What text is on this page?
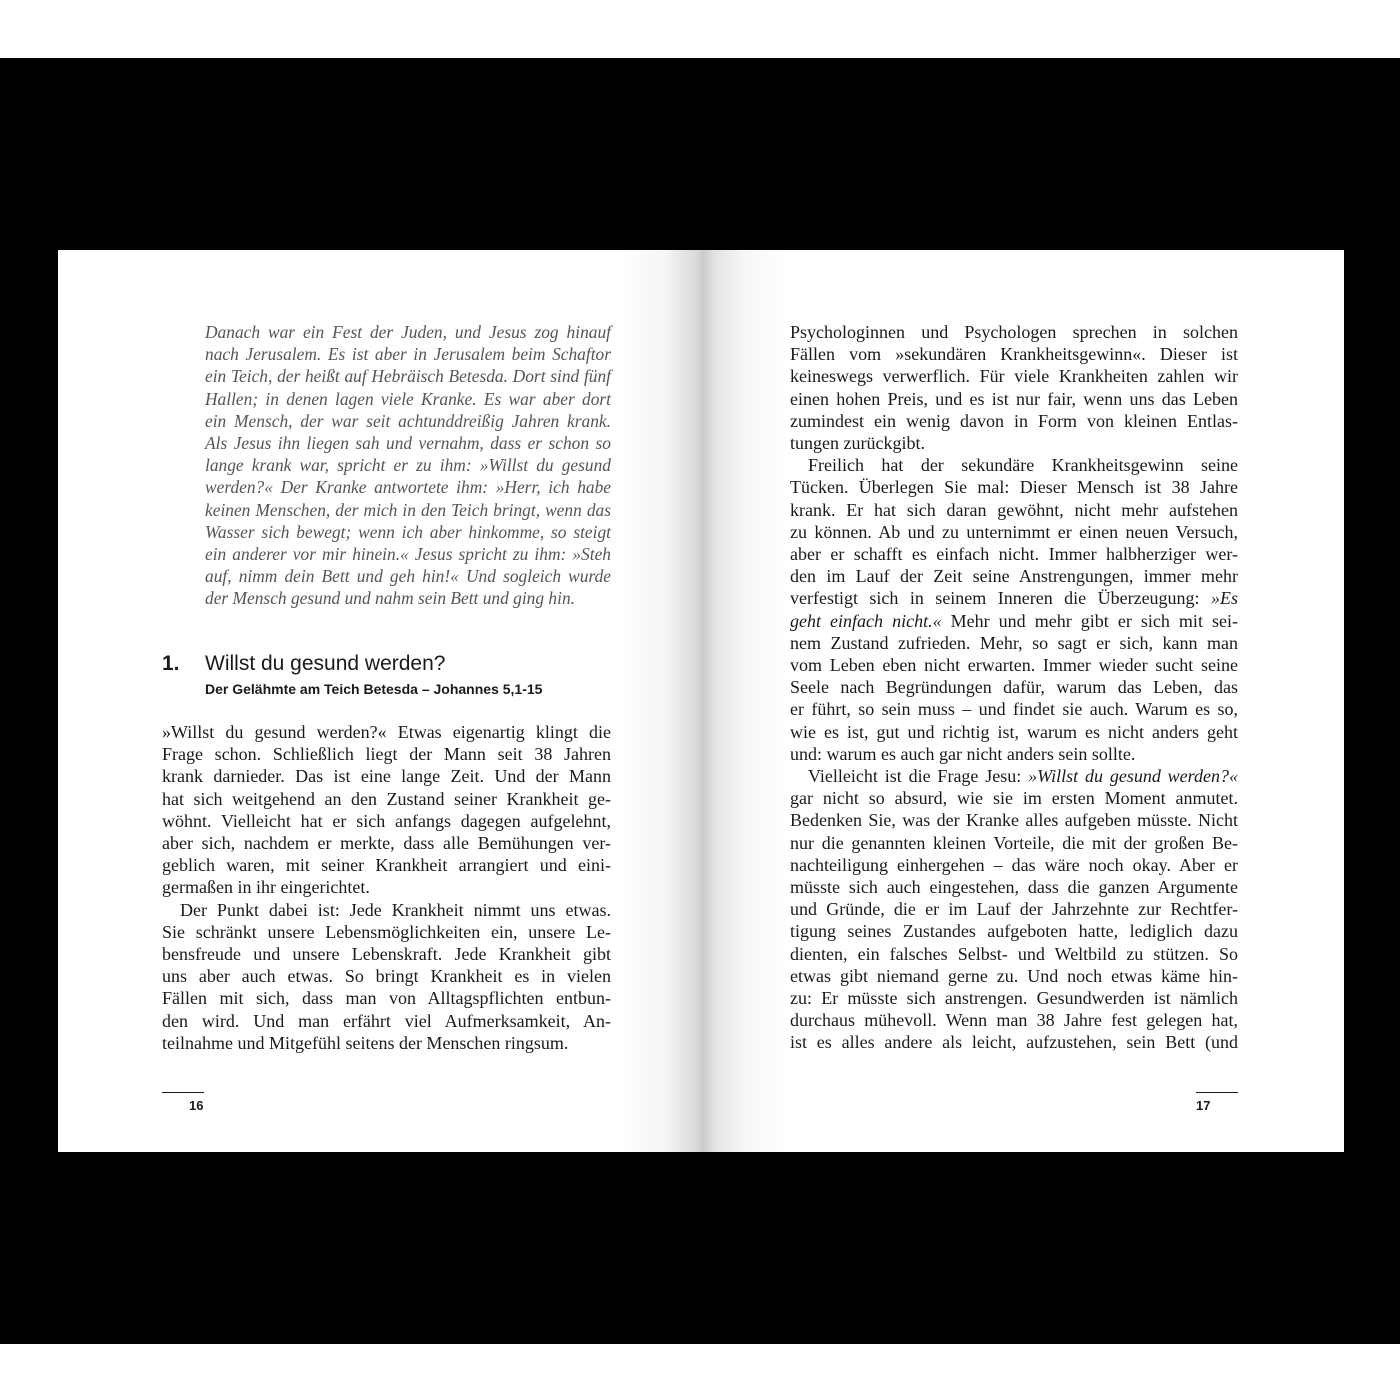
Danach war ein Fest der Juden, und Jesus zog hinauf

nach Jerusalem. Es ist aber in Jerusalem beim Schaftor

ein Teich, der heißt auf Hebräisch Betesda. Dort sind fünf

Hallen; in denen lagen viele Kranke. Es war aber dort

ein Mensch, der war seit achtunddreißig Jahren krank.

Als Jesus ihn liegen sah und vernahm, dass er schon so

lange krank war, spricht er zu ihm: »Willst du gesund

werden?« Der Kranke antwortete ihm: »Herr, ich habe

keinen Menschen, der mich in den Teich bringt, wenn das

Wasser sich bewegt; wenn ich aber hinkomme, so steigt

ein anderer vor mir hinein.« Jesus spricht zu ihm: »Steh

auf, nimm dein Bett und geh hin!« Und sogleich wurde

der Mensch gesund und nahm sein Bett und ging hin.

1. Willst du gesund werden?
Der Gelähmte am Teich Betesda – Johannes 5,1-15

»Willst du gesund werden?« Etwas eigenartig klingt die

Frage schon. Schließlich liegt der Mann seit 38 Jahren

krank darnieder. Das ist eine lange Zeit. Und der Mann

hat sich weitgehend an den Zustand seiner Krankheit ge-

wöhnt. Vielleicht hat er sich anfangs dagegen aufgelehnt,

aber sich, nachdem er merkte, dass alle Bemühungen ver-

geblich waren, mit seiner Krankheit arrangiert und eini-

germaßen in ihr eingerichtet.

Der Punkt dabei ist: Jede Krankheit nimmt uns etwas.

Sie schränkt unsere Lebensmöglichkeiten ein, unsere Le-

bensfreude und unsere Lebenskraft. Jede Krankheit gibt

uns aber auch etwas. So bringt Krankheit es in vielen

Fällen mit sich, dass man von Alltagspflichten entbun-

den wird. Und man erfährt viel Aufmerksamkeit, An-

teilnahme und Mitgefühl seitens der Menschen ringsum.

Psychologinnen und Psychologen sprechen in solchen

Fällen vom »sekundären Krankheitsgewinn«. Dieser ist

keineswegs verwerflich. Für viele Krankheiten zahlen wir

einen hohen Preis, und es ist nur fair, wenn uns das Leben

zumindest ein wenig davon in Form von kleinen Entlas-

tungen zurückgibt.

Freilich hat der sekundäre Krankheitsgewinn seine

Tücken. Überlegen Sie mal: Dieser Mensch ist 38 Jahre

krank. Er hat sich daran gewöhnt, nicht mehr aufstehen

zu können. Ab und zu unternimmt er einen neuen Versuch,

aber er schafft es einfach nicht. Immer halbherziger wer-

den im Lauf der Zeit seine Anstrengungen, immer mehr

verfestigt sich in seinem Inneren die Überzeugung: »Es

geht einfach nicht.« Mehr und mehr gibt er sich mit sei-

nem Zustand zufrieden. Mehr, so sagt er sich, kann man

vom Leben eben nicht erwarten. Immer wieder sucht seine

Seele nach Begründungen dafür, warum das Leben, das

er führt, so sein muss – und findet sie auch. Warum es so,

wie es ist, gut und richtig ist, warum es nicht anders geht

und: warum es auch gar nicht anders sein sollte.

Vielleicht ist die Frage Jesu: »Willst du gesund werden?«

gar nicht so absurd, wie sie im ersten Moment anmutet.

Bedenken Sie, was der Kranke alles aufgeben müsste. Nicht

nur die genannten kleinen Vorteile, die mit der großen Be-

nachteiligung einhergehen – das wäre noch okay. Aber er

müsste sich auch eingestehen, dass die ganzen Argumente

und Gründe, die er im Lauf der Jahrzehnte zur Rechtfer-

tigung seines Zustandes aufgeboten hatte, lediglich dazu

dienten, ein falsches Selbst- und Weltbild zu stützen. So

etwas gibt niemand gerne zu. Und noch etwas käme hin-

zu: Er müsste sich anstrengen. Gesundwerden ist nämlich

durchaus mühevoll. Wenn man 38 Jahre fest gelegen hat,

ist es alles andere als leicht, aufzustehen, sein Bett (und

16	17
